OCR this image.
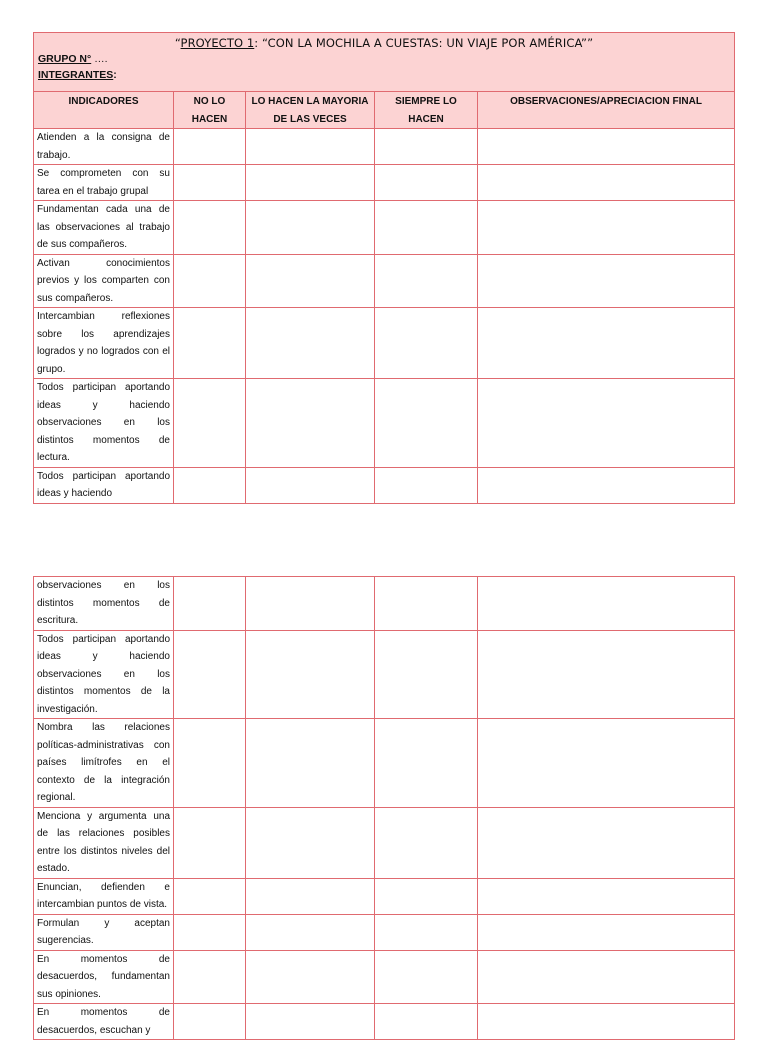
“PROYECTO 1: “CON LA MOCHILA A CUESTAS: UN VIAJE POR AMÉRICA””
GRUPO N° ….
INTEGRANTES:
INDICADORES	NO LO HACEN	LO HACEN LA MAYORIA DE LAS VECES	SIEMPRE LO HACEN	OBSERVACIONES/APRECIACION FINAL
Atienden a la consigna de trabajo.				
Se comprometen con su tarea en el trabajo grupal				
Fundamentan cada una de las observaciones al trabajo de sus compañeros.				
Activan conocimientos previos y los comparten con sus compañeros.				
Intercambian reflexiones sobre los aprendizajes logrados y no logrados con el grupo.				
Todos participan aportando ideas y haciendo observaciones en los distintos momentos de lectura.				
Todos participan aportando ideas y haciendo				
observaciones en los distintos momentos de escritura.				
Todos participan aportando ideas y haciendo observaciones en los distintos momentos de la investigación.				
Nombra las relaciones políticas-administrativas con países limítrofes en el contexto de la integración regional.				
Menciona y argumenta una de las relaciones posibles entre los distintos niveles del estado.				
Enuncian, defienden e intercambian puntos de vista.				
Formulan y aceptan sugerencias.				
En momentos de desacuerdos, fundamentan sus opiniones.				
En momentos de desacuerdos, escuchan y				
